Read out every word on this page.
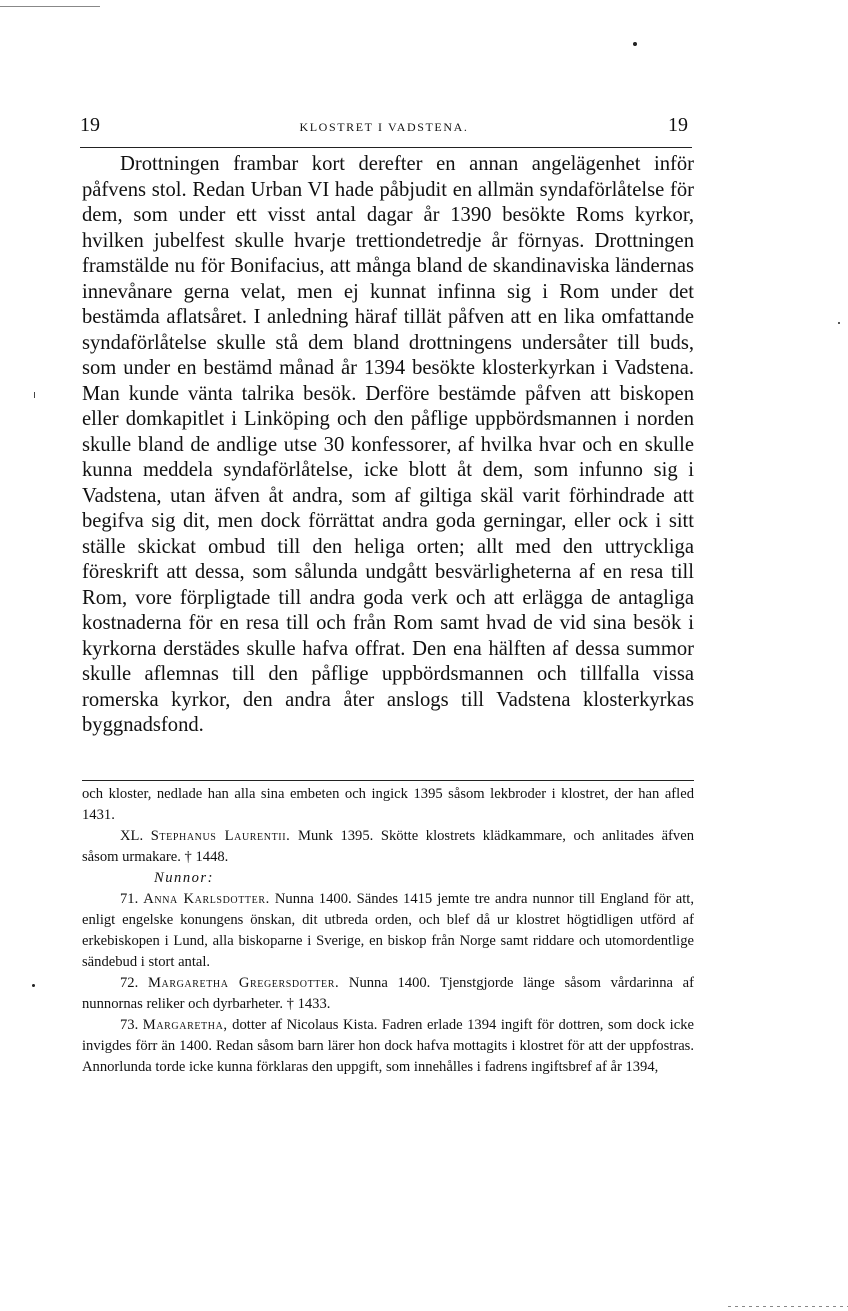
19	KLOSTRET I VADSTENA.	19

Drottningen frambar kort derefter en annan angelägenhet inför påfvens stol. Redan Urban VI hade påbjudit en allmän syndaförlåtelse för dem, som under ett visst antal dagar år 1390 besökte Roms kyrkor, hvilken jubelfest skulle hvarje trettiondetredje år förnyas. Drottningen framstälde nu för Bonifacius, att många bland de skandinaviska ländernas innevånare gerna velat, men ej kunnat infinna sig i Rom under det bestämda aflatsåret. I anledning häraf tillät påfven att en lika omfattande syndaförlåtelse skulle stå dem bland drottningens undersåter till buds, som under en bestämd månad år 1394 besökte klosterkyrkan i Vadstena. Man kunde vänta talrika besök. Derföre bestämde påfven att biskopen eller domkapitlet i Linköping och den påflige uppbördsmannen i norden skulle bland de andlige utse 30 konfessorer, af hvilka hvar och en skulle kunna meddela syndaförlåtelse, icke blott åt dem, som infunno sig i Vadstena, utan äfven åt andra, som af giltiga skäl varit förhindrade att begifva sig dit, men dock förrättat andra goda gerningar, eller ock i sitt ställe skickat ombud till den heliga orten; allt med den uttryckliga föreskrift att dessa, som sålunda undgått besvärligheterna af en resa till Rom, vore förpligtade till andra goda verk och att erlägga de antagliga kostnaderna för en resa till och från Rom samt hvad de vid sina besök i kyrkorna derstädes skulle hafva offrat. Den ena hälften af dessa summor skulle aflemnas till den påflige uppbördsmannen och tillfalla vissa romerska kyrkor, den andra åter anslogs till Vadstena klosterkyrkas byggnadsfond.

och kloster, nedlade han alla sina embeten och ingick 1395 såsom lekbroder i klostret, der han afled 1431.

XL. Stephanus Laurentii. Munk 1395. Skötte klostrets klädkammare, och anlitades äfven såsom urmakare. † 1448.

Nunnor:

71. Anna Karlsdotter. Nunna 1400. Sändes 1415 jemte tre andra nunnor till England för att, enligt engelske konungens önskan, dit utbreda orden, och blef då ur klostret högtidligen utförd af erkebiskopen i Lund, alla biskoparne i Sverige, en biskop från Norge samt riddare och utomordentlige sändebud i stort antal.

72. Margaretha Gregersdotter. Nunna 1400. Tjenstgjorde länge såsom vårdarinna af nunnornas reliker och dyrbarheter. † 1433.

73. Margaretha, dotter af Nicolaus Kista. Fadren erlade 1394 ingift för dottren, som dock icke invigdes förr än 1400. Redan såsom barn lärer hon dock hafva mottagits i klostret för att der uppfostras. Annorlunda torde icke kunna förklaras den uppgift, som innehålles i fadrens ingiftsbref af år 1394,
